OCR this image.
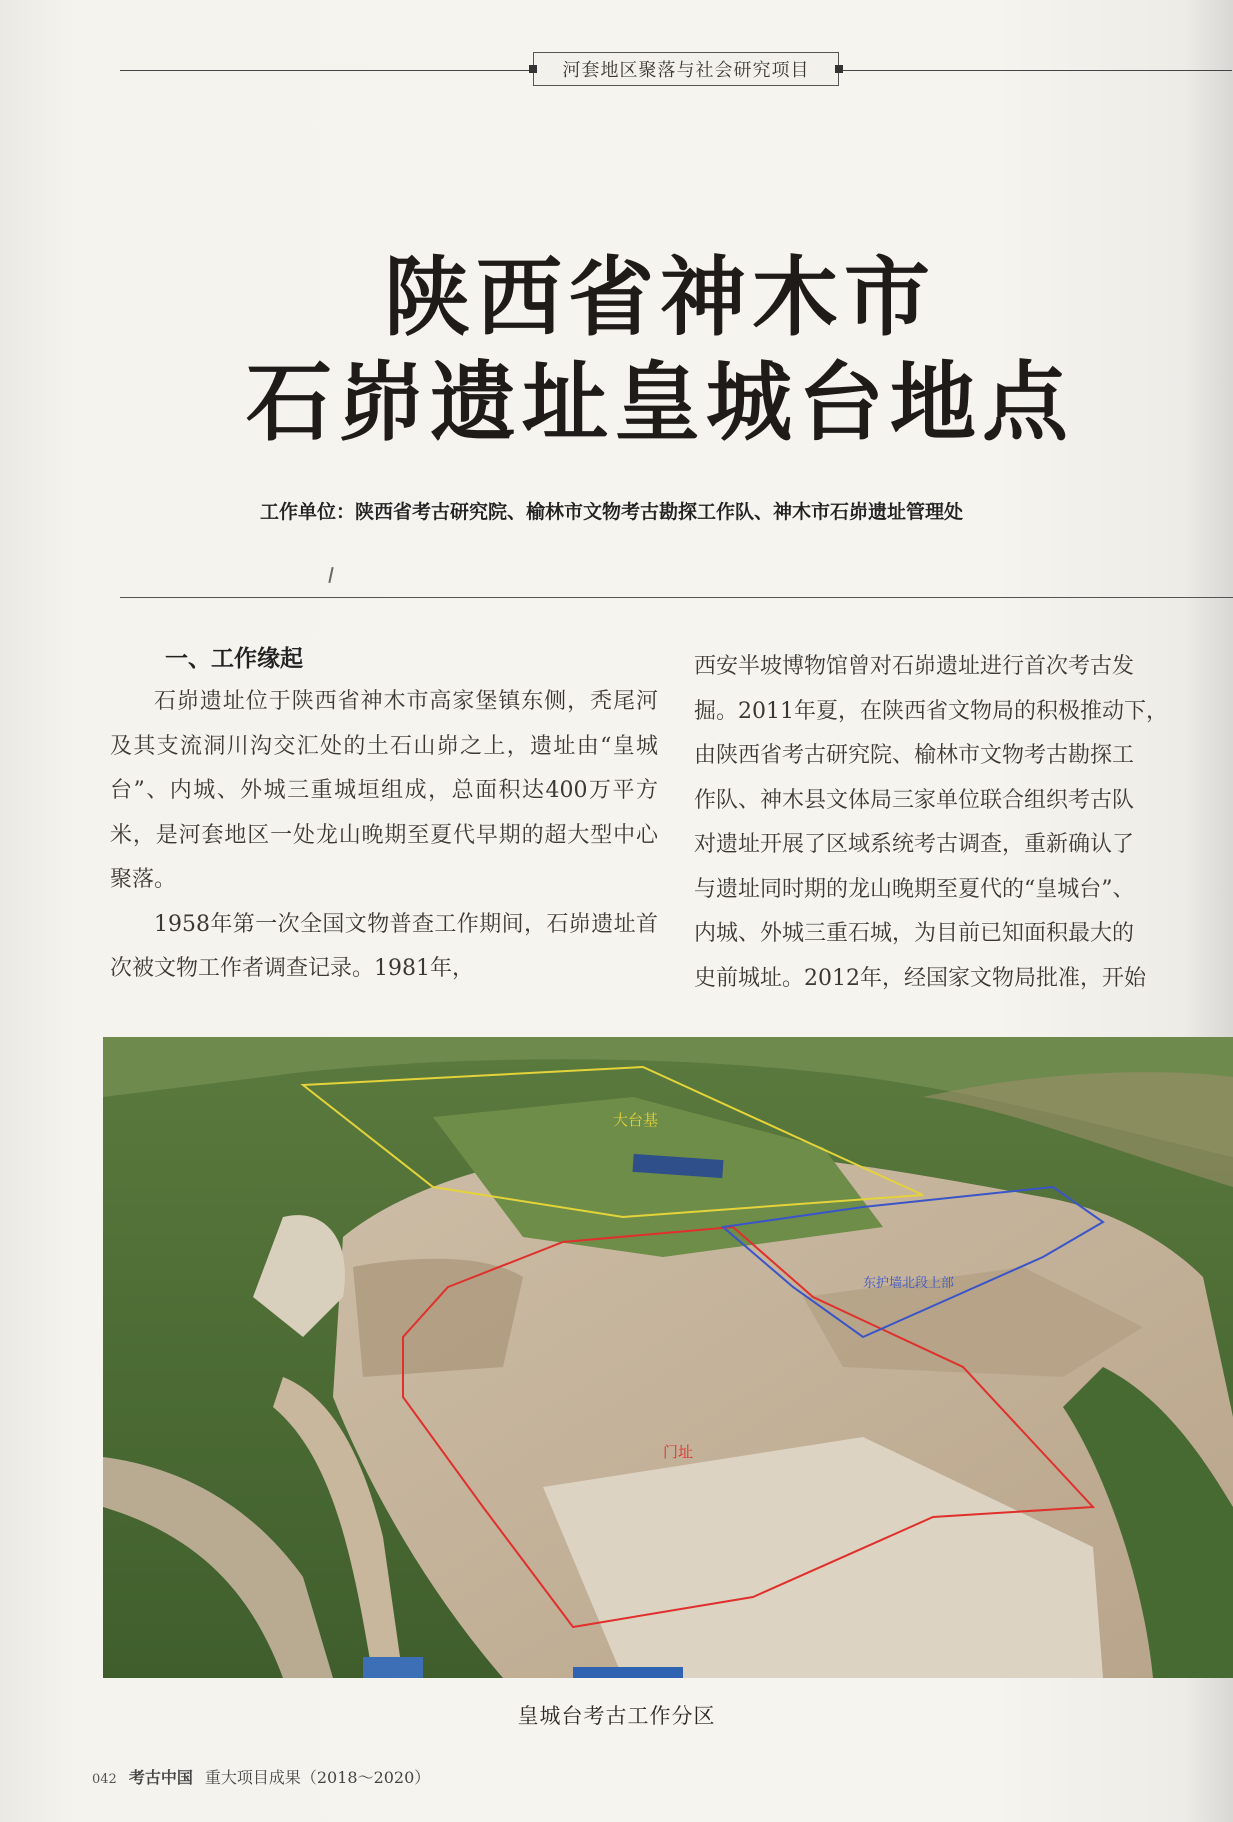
河套地区聚落与社会研究项目
陕西省神木市
石峁遗址皇城台地点
工作单位：陕西省考古研究院、榆林市文物考古勘探工作队、神木市石峁遗址管理处
一、工作缘起

石峁遗址位于陕西省神木市高家堡镇东侧，秃尾河及其支流洞川沟交汇处的土石山峁之上，遗址由“皇城台”、内城、外城三重城垣组成，总面积达400万平方米，是河套地区一处龙山晚期至夏代早期的超大型中心聚落。

1958年第一次全国文物普查工作期间，石峁遗址首次被文物工作者调查记录。1981年，

西安半坡博物馆曾对石峁遗址进行首次考古发

掘。2011年夏，在陕西省文物局的积极推动下，

由陕西省考古研究院、榆林市文物考古勘探工

作队、神木县文体局三家单位联合组织考古队

对遗址开展了区域系统考古调查，重新确认了

与遗址同时期的龙山晚期至夏代的“皇城台”、

内城、外城三重石城，为目前已知面积最大的

史前城址。2012年，经国家文物局批准，开始

大台基
门址
东护墙北段上部
皇城台考古工作分区
042 考古中国 重大项目成果（2018～2020）
